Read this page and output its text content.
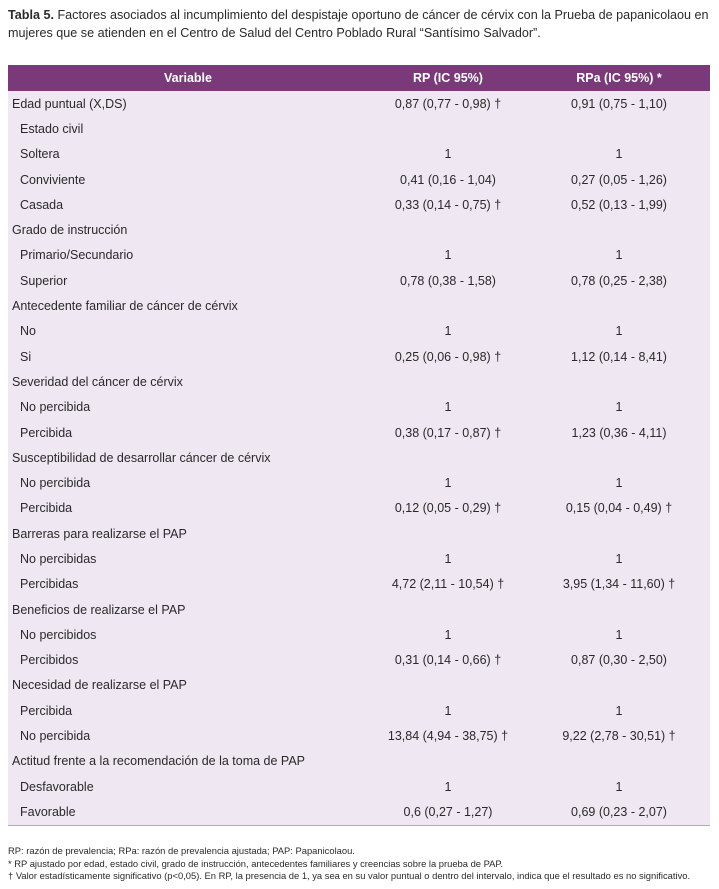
Tabla 5. Factores asociados al incumplimiento del despistaje oportuno de cáncer de cérvix con la Prueba de papanicolaou en mujeres que se atienden en el Centro de Salud del Centro Poblado Rural “Santísimo Salvador”.
Variable	RP (IC 95%)	RPa (IC 95%) *
Edad puntual (X,DS)	0,87 (0,77 - 0,98) †	0,91 (0,75 - 1,10)
Estado civil		
Soltera	1	1
Conviviente	0,41 (0,16 - 1,04)	0,27 (0,05 - 1,26)
Casada	0,33 (0,14 - 0,75) †	0,52 (0,13 - 1,99)
Grado de instrucción		
Primario/Secundario	1	1
Superior	0,78 (0,38 - 1,58)	0,78 (0,25 - 2,38)
Antecedente familiar de cáncer de cérvix		
No	1	1
Si	0,25 (0,06 - 0,98) †	1,12 (0,14 - 8,41)
Severidad del cáncer de cérvix		
No percibida	1	1
Percibida	0,38 (0,17 - 0,87) †	1,23 (0,36 - 4,11)
Susceptibilidad de desarrollar cáncer de cérvix		
No percibida	1	1
Percibida	0,12 (0,05 - 0,29) †	0,15 (0,04 - 0,49) †
Barreras para realizarse el PAP		
No percibidas	1	1
Percibidas	4,72 (2,11 - 10,54) †	3,95 (1,34 - 11,60) †
Beneficios de realizarse el PAP		
No percibidos	1	1
Percibidos	0,31 (0,14 - 0,66) †	0,87 (0,30 - 2,50)
Necesidad de realizarse el PAP		
Percibida	1	1
No percibida	13,84 (4,94 - 38,75) †	9,22 (2,78 - 30,51) †
Actitud frente a la recomendación de la toma de PAP		
Desfavorable	1	1
Favorable	0,6 (0,27 - 1,27)	0,69 (0,23 - 2,07)
RP: razón de prevalencia; RPa: razón de prevalencia ajustada; PAP: Papanicolaou.
* RP ajustado por edad, estado civil, grado de instrucción, antecedentes familiares y creencias sobre la prueba de PAP.
† Valor estadísticamente significativo (p<0,05). En RP, la presencia de 1, ya sea en su valor puntual o dentro del intervalo, indica que el resultado es no significativo.
